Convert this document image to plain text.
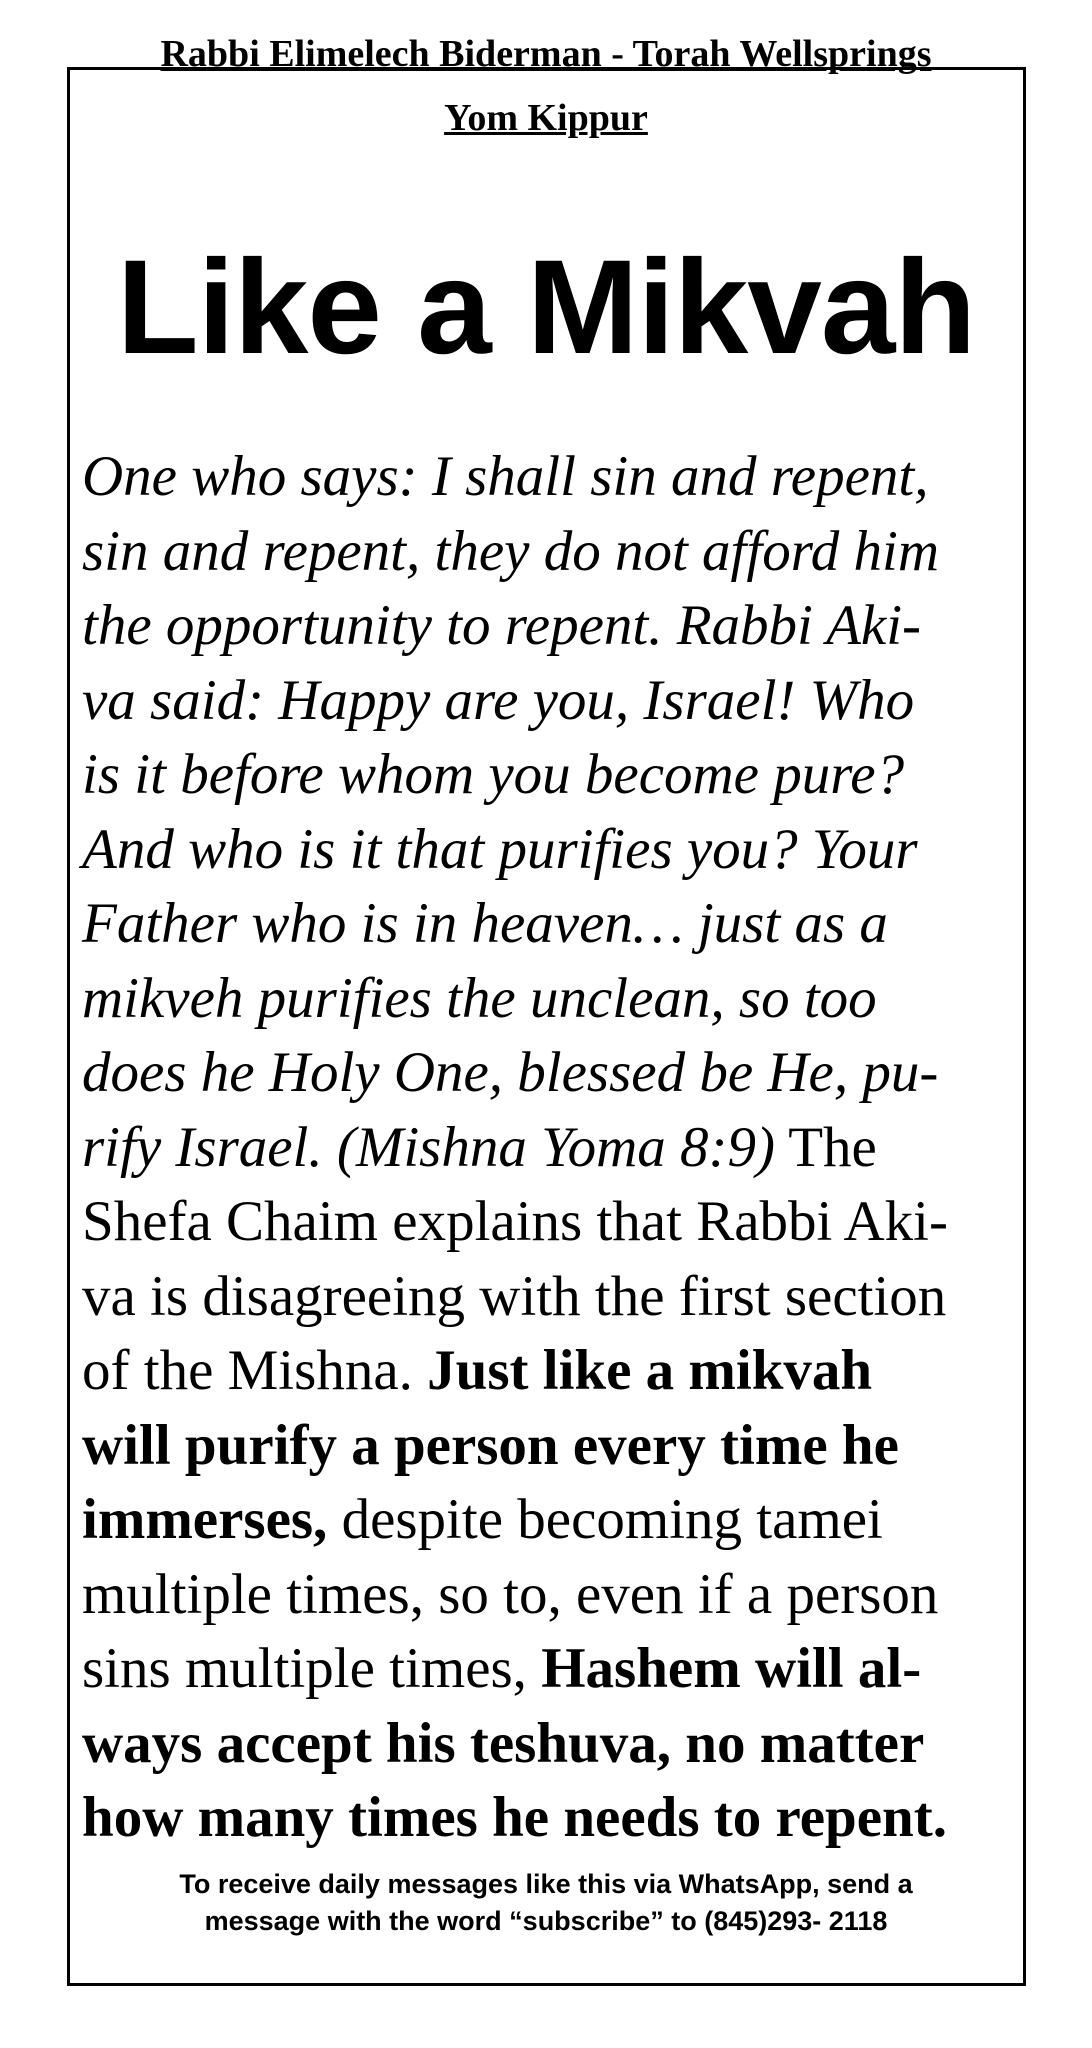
Rabbi Elimelech Biderman - Torah Wellsprings
Yom Kippur
Like a Mikvah
One who says: I shall sin and repent,
sin and repent, they do not afford him
the opportunity to repent. Rabbi Aki-
va said: Happy are you, Israel! Who
is it before whom you become pure?
And who is it that purifies you? Your
Father who is in heaven… just as a
mikveh purifies the unclean, so too
does he Holy One, blessed be He, pu-
rify Israel. (Mishna Yoma 8:9) The
Shefa Chaim explains that Rabbi Aki-
va is disagreeing with the first section
of the Mishna. Just like a mikvah
will purify a person every time he
immerses, despite becoming tamei
multiple times, so to, even if a person
sins multiple times, Hashem will al-
ways accept his teshuva, no matter
how many times he needs to repent.
To receive daily messages like this via WhatsApp, send a
message with the word “subscribe” to (845)293- 2118
